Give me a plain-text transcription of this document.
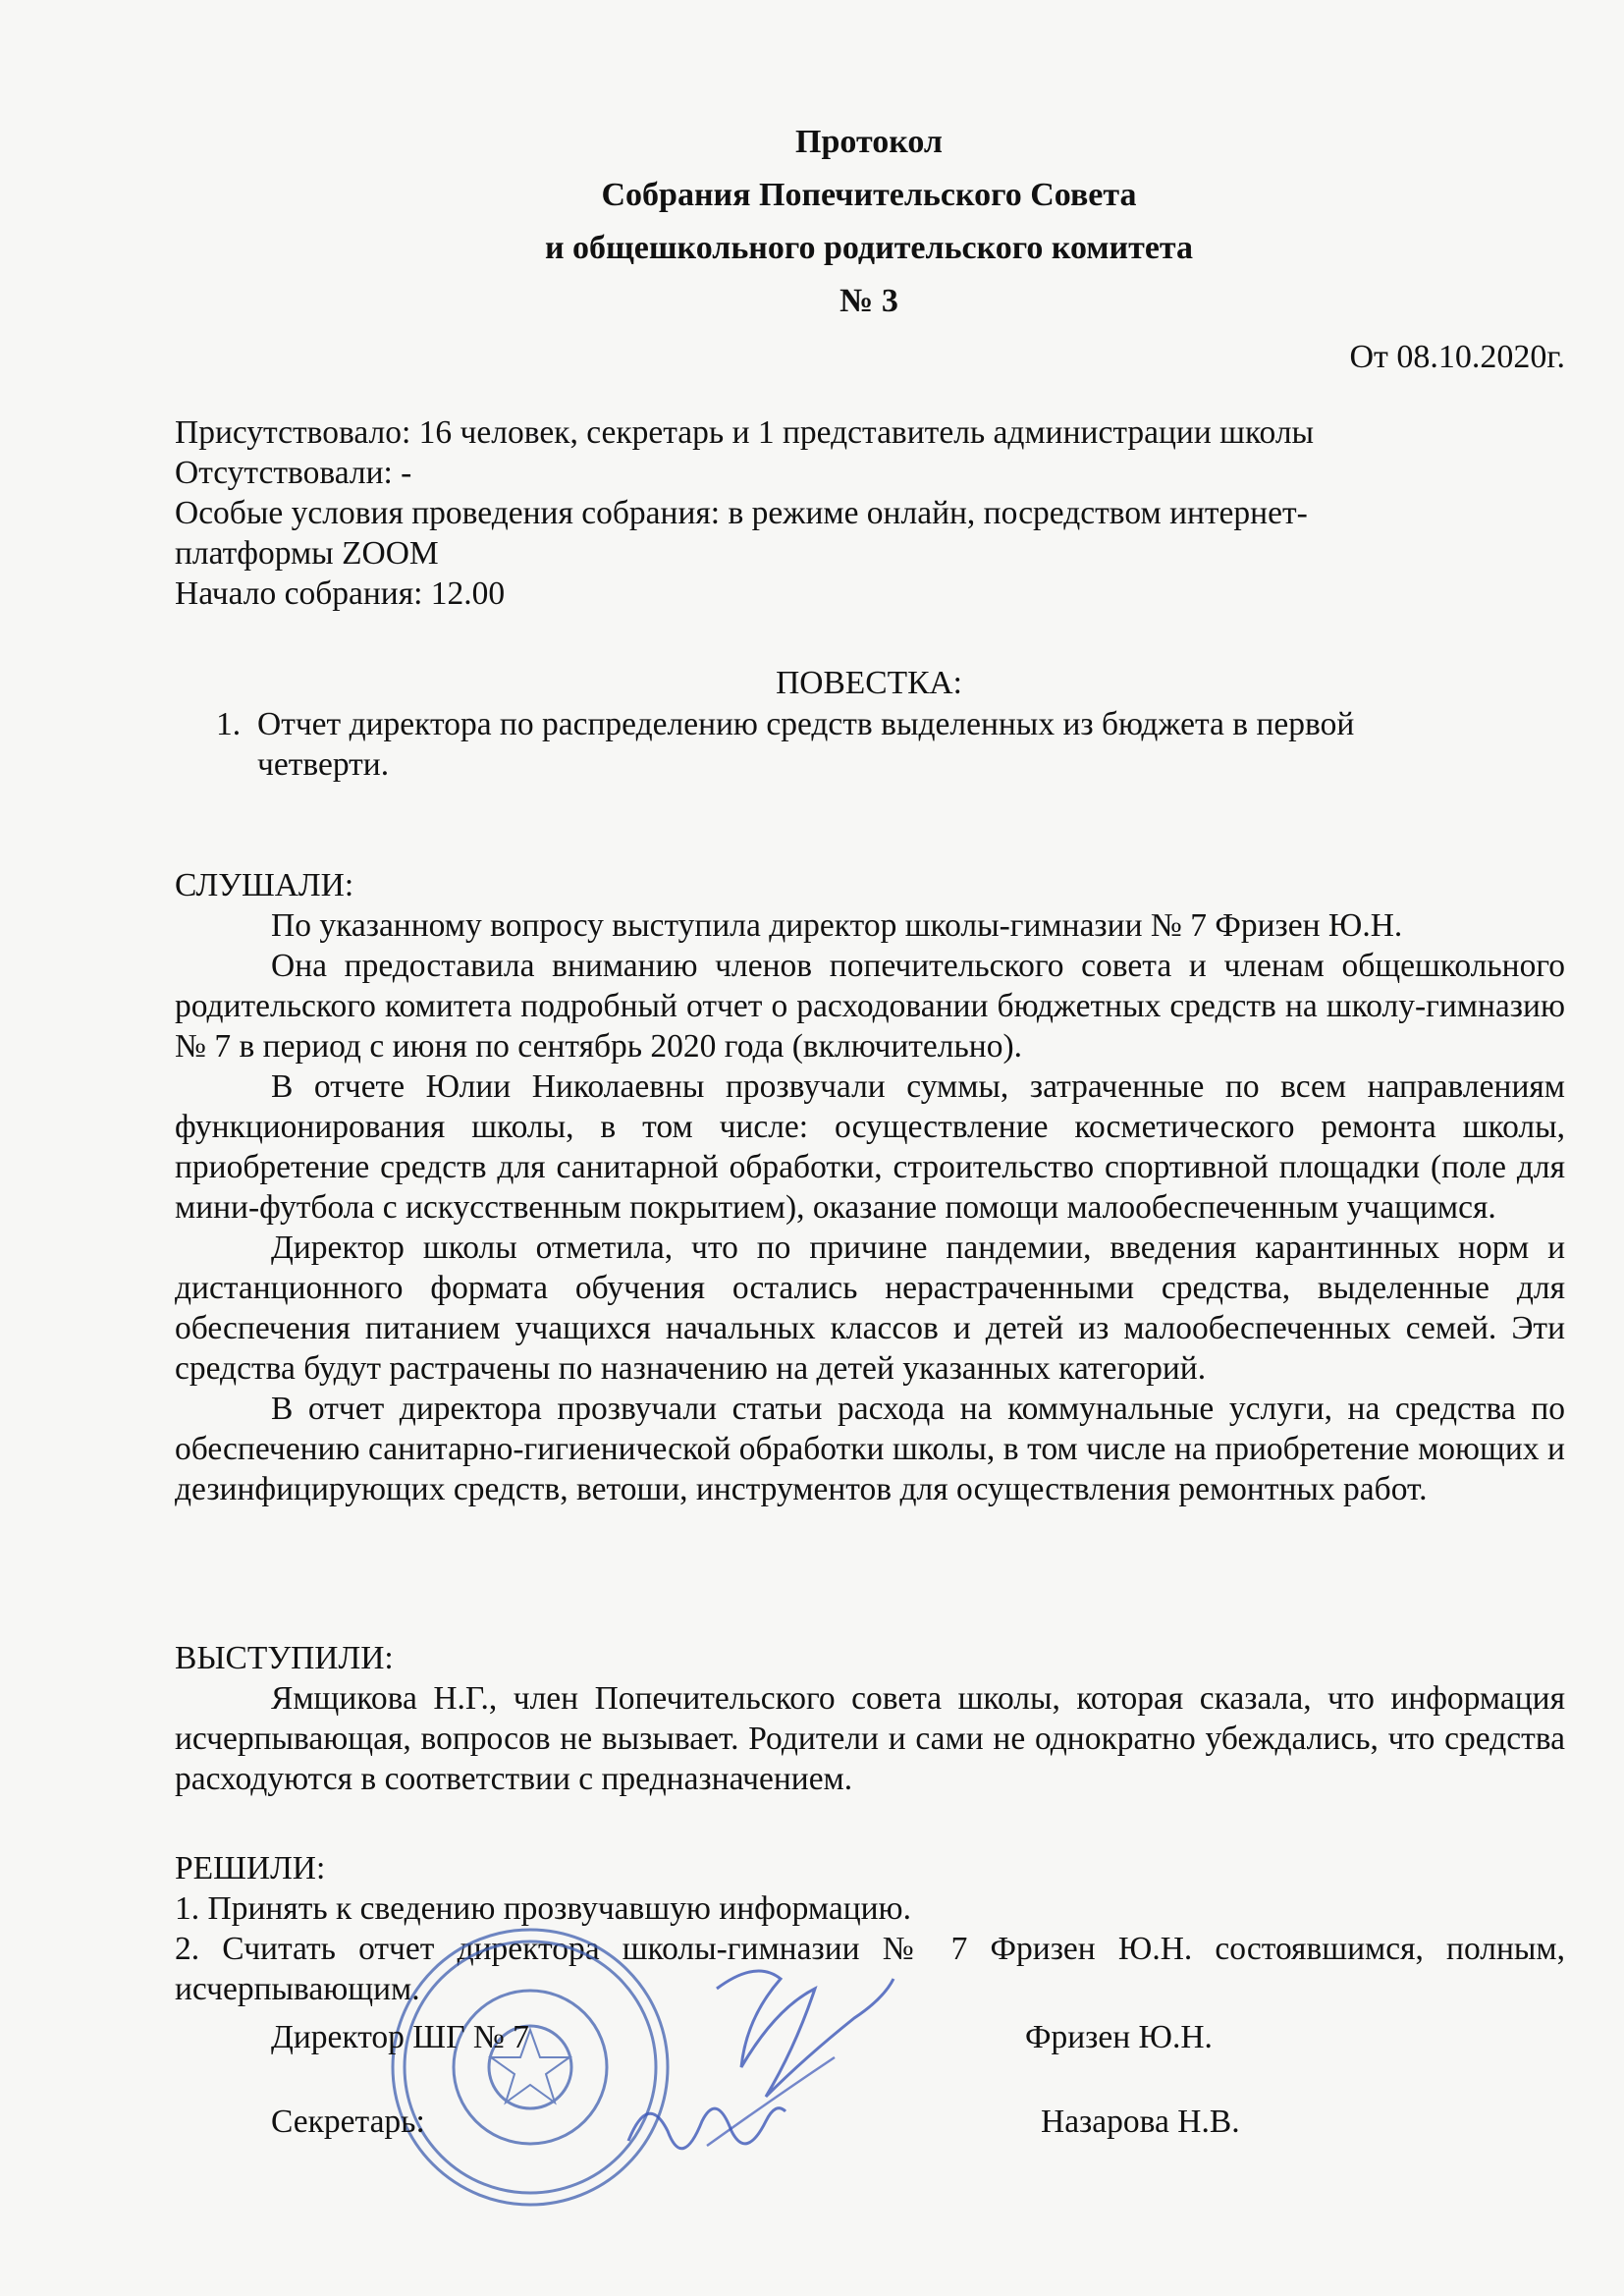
Протокол
Собрания Попечительского Совета
и общешкольного родительского комитета
№ 3
От 08.10.2020г.
Присутствовало: 16 человек, секретарь и 1 представитель администрации школы
Отсутствовали: -
Особые условия проведения собрания: в режиме онлайн, посредством интернет-
платформы ZOOM
Начало собрания: 12.00
ПОВЕСТКА:
1. Отчет директора по распределению средств выделенных из бюджета в первой четверти.

СЛУШАЛИ:

По указанному вопросу выступила директор школы-гимназии № 7 Фризен Ю.Н.

Она предоставила вниманию членов попечительского совета и членам общешкольного родительского комитета подробный отчет о расходовании бюджетных средств на школу-гимназию № 7 в период с июня по сентябрь 2020 года (включительно).

В отчете Юлии Николаевны прозвучали суммы, затраченные по всем направлениям функционирования школы, в том числе: осуществление косметического ремонта школы, приобретение средств для санитарной обработки, строительство спортивной площадки (поле для мини-футбола с искусственным покрытием), оказание помощи малообеспеченным учащимся.

Директор школы отметила, что по причине пандемии, введения карантинных норм и дистанционного формата обучения остались нерастраченными средства, выделенные для обеспечения питанием учащихся начальных классов и детей из малообеспеченных семей. Эти средства будут растрачены по назначению на детей указанных категорий.

В отчет директора прозвучали статьи расхода на коммунальные услуги, на средства по обеспечению санитарно-гигиенической обработки школы, в том числе на приобретение моющих и дезинфицирующих средств, ветоши, инструментов для осуществления ремонтных работ.

ВЫСТУПИЛИ:

Ямщикова Н.Г., член Попечительского совета школы, которая сказала, что информация исчерпывающая, вопросов не вызывает. Родители и сами не однократно убеждались, что средства расходуются в соответствии с предназначением.

РЕШИЛИ:

1. Принять к сведению прозвучавшую информацию.

2. Считать отчет директора школы-гимназии № 7 Фризен Ю.Н. состоявшимся, полным, исчерпывающим.

Директор ШГ № 7	Фризен Ю.Н.
Секретарь:	Назарова Н.В.
